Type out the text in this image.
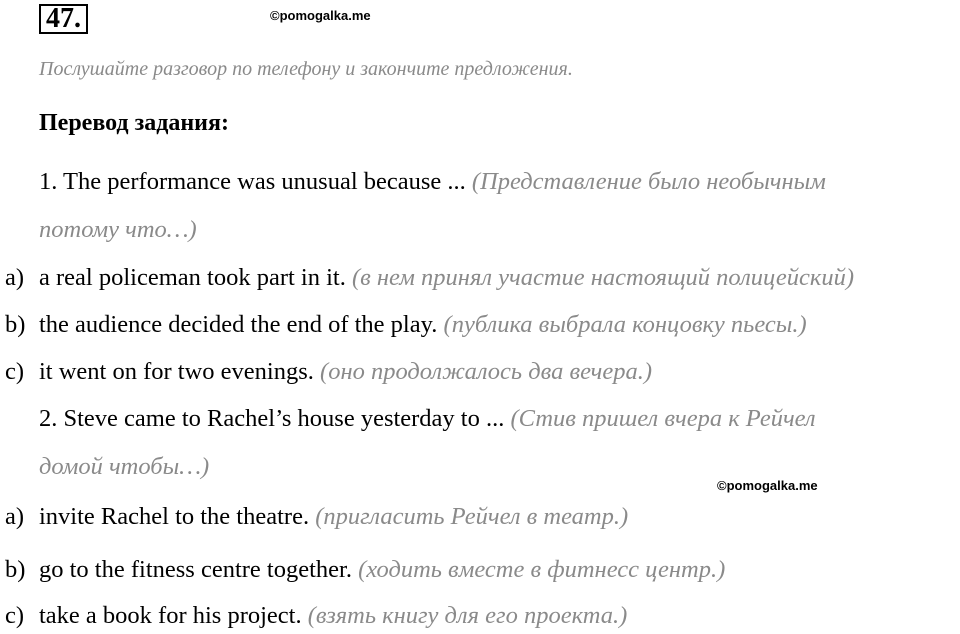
47.	©pomogalka.me
Послушайте разговор по телефону и закончите предложения.
Перевод задания:
1. The performance was unusual because ... (Представление было необычным
потому что…)
a) a real policeman took part in it. (в нем принял участие настоящий полицейский)
b) the audience decided the end of the play. (публика выбрала концовку пьесы.)
c) it went on for two evenings. (оно продолжалось два вечера.)
2. Steve came to Rachel’s house yesterday to ... (Стив пришел вчера к Рейчел
домой чтобы…)
©pomogalka.me
a) invite Rachel to the theatre. (пригласить Рейчел в театр.)
b) go to the fitness centre together. (ходить вместе в фитнесс центр.)
c) take a book for his project. (взять книгу для его проекта.)
